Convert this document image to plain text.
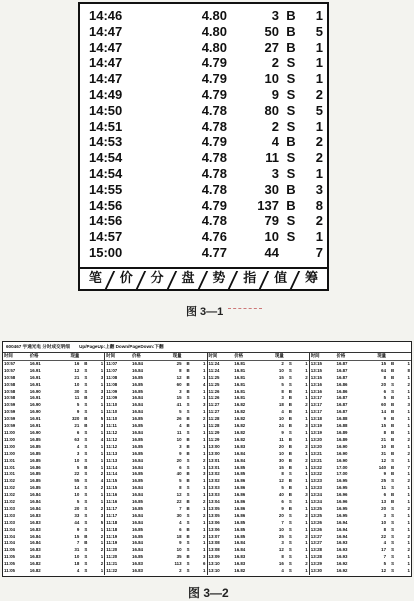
14:46	4.80	3	B	1
14:47	4.80	50	B	5
14:47	4.80	27	B	1
14:47	4.79	2	S	1
14:47	4.79	10	S	1
14:49	4.79	9	S	2
14:50	4.78	80	S	5
14:51	4.78	2	S	1
14:53	4.79	4	B	2
14:54	4.78	11	S	2
14:54	4.78	3	S	1
14:55	4.78	30	B	3
14:56	4.79	137	B	8
14:56	4.78	79	S	2
14:57	4.76	10	S	1
15:00	4.77	44		7
笔	价	分	盘	势	指	值	筹
图 3—1
600467 宇通光电 分时成交明细 Up/PageUp:上翻 Down/PageDown:下翻
时间	价格	现量		
10:57	16.91	16	B	1
10:57	16.91	12	S	1
10:58	16.91	21	S	3
10:58	16.91	10	S	1
10:58	16.90	30	S	3
10:58	16.91	11	B	2
10:59	16.90	5	S	1
10:59	16.90	9	S	1
10:59	16.91	320	B	5
10:59	16.91	21	B	3
11:00	16.90	6	S	1
11:00	16.85	63	S	4
11:00	16.85	4	S	1
11:00	16.85	3	S	1
11:01	16.85	10	S	1
11:01	16.86	5	B	1
11:01	16.85	22	S	2
11:02	16.85	55	S	4
11:02	16.85	14	S	2
11:02	16.84	10	S	1
11:02	16.84	5	S	1
11:03	16.84	20	S	2
11:03	16.83	33	S	3
11:03	16.83	44	S	5
11:04	16.83	9	S	1
11:04	16.84	15	B	2
11:04	16.84	7	B	1
11:05	16.83	31	S	2
11:05	16.83	10	S	1
11:05	16.82	18	S	2
11:05	16.82	4	S	1
时间	价格	现量		
11:07	16.84	25	B	1
11:07	16.84	8	B	1
11:08	16.85	12	B	1
11:08	16.85	60	B	4
11:09	16.85	3	B	1
11:09	16.84	15	S	1
11:10	16.84	41	S	3
11:10	16.84	5	S	1
11:10	16.85	26	B	2
11:11	16.85	4	B	1
11:12	16.84	11	S	1
11:12	16.85	10	B	1
11:12	16.85	3	B	1
11:13	16.85	9	B	1
11:13	16.84	20	S	2
11:14	16.84	6	S	1
11:14	16.85	40	B	3
11:15	16.85	5	B	1
11:15	16.84	8	S	1
11:16	16.84	12	S	1
11:16	16.85	22	B	2
11:17	16.85	7	B	1
11:17	16.84	30	S	2
11:18	16.84	4	S	1
11:18	16.85	6	B	1
11:19	16.85	18	B	2
11:19	16.84	9	S	1
11:20	16.84	10	S	1
11:20	16.85	35	B	3
11:21	16.83	113	S	6
11:22	16.83	2	S	1
时间	价格	现量		
11:24	16.81	2	S	1
11:24	16.81	10	S	1
11:25	16.81	15	S	2
11:25	16.81	5	S	1
11:26	16.81	8	B	1
11:26	16.81	3	B	1
11:27	16.82	18	B	2
11:27	16.82	4	B	1
11:28	16.82	10	B	1
11:28	16.82	24	B	3
11:29	16.82	9	S	1
11:29	16.82	11	B	1
13:00	16.83	20	B	2
13:00	16.84	10	B	1
13:01	16.84	30	B	2
13:01	16.85	15	B	1
13:02	16.85	8	S	1
13:02	16.86	12	B	1
13:03	16.86	5	B	1
13:03	16.86	40	B	3
13:04	16.86	6	S	1
13:05	16.86	9	B	1
13:05	16.86	20	S	2
13:06	16.85	7	S	1
13:06	16.85	10	S	1
13:07	16.85	25	S	2
13:08	16.84	3	S	1
13:08	16.84	12	S	1
13:09	16.83	8	S	1
13:10	16.83	16	S	2
13:10	16.82	4	S	1
时间	价格	现量		
13:15	16.87	15	B	1
13:15	16.87	64	B	8
13:15	16.87	8	B	1
13:16	16.86	20	S	2
13:16	16.86	6	S	1
13:17	16.87	5	B	1
13:17	16.87	60	B	3
13:17	16.87	14	B	1
13:18	16.88	9	B	1
13:19	16.88	15	B	1
13:19	16.89	8	B	1
13:20	16.89	21	B	2
13:20	16.90	10	B	1
13:21	16.90	31	B	2
13:21	16.90	12	S	1
13:22	17.00	140	B	7
13:22	17.00	9	B	1
13:23	16.95	25	S	2
13:23	16.95	11	S	1
13:24	16.96	6	B	1
13:24	16.96	13	B	1
13:25	16.95	20	S	2
13:25	16.95	3	S	1
13:26	16.94	10	S	1
13:26	16.94	8	S	1
13:27	16.94	22	S	2
13:27	16.93	4	S	1
13:28	16.93	17	S	2
13:28	16.93	7	S	1
13:29	16.92	5	S	1
13:30	16.92	12	S	1
图 3—2
